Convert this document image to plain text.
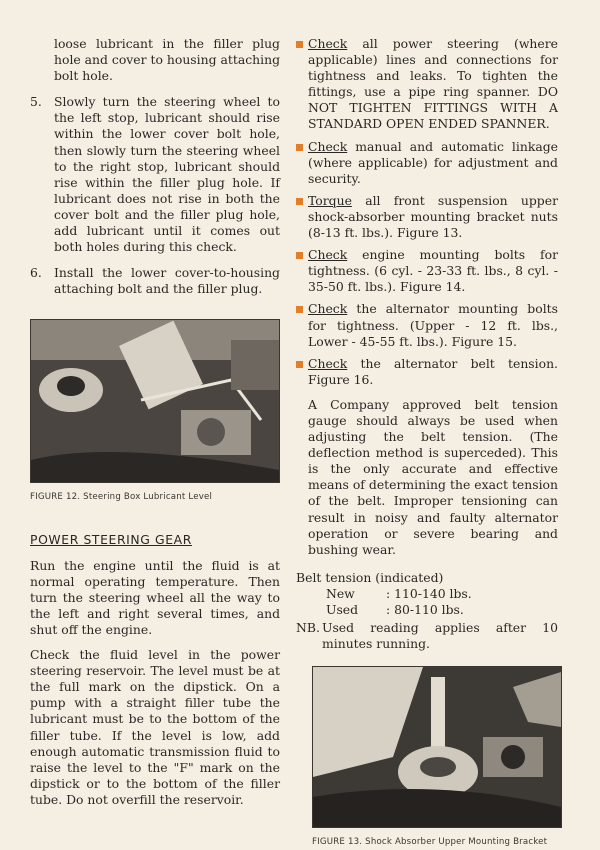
loose lubricant in the filler plug hole and cover to housing attaching bolt hole.

5. Slowly turn the steering wheel to the left stop, lubricant should rise within the lower cover bolt hole, then slowly turn the steering wheel to the right stop, lubricant should rise within the filler plug hole. If lubricant does not rise in both the cover bolt and the filler plug hole, add lubricant until it comes out both holes during this check.
6. Install the lower cover-to-housing attaching bolt and the filler plug.
FIGURE 12. Steering Box Lubricant Level
POWER STEERING GEAR

Run the engine until the fluid is at normal operating temperature. Then turn the steering wheel all the way to the left and right several times, and shut off the engine.

Check the fluid level in the power steering reservoir. The level must be at the full mark on the dipstick. On a pump with a straight filler tube the lubricant must be to the bottom of the filler tube. If the level is low, add enough automatic transmission fluid to raise the level to the "F" mark on the dipstick or to the bottom of the filler tube. Do not overfill the reservoir.

Check all power steering (where applicable) lines and connections for tightness and leaks. To tighten the fittings, use a pipe ring spanner. DO NOT TIGHTEN FITTINGS WITH A STANDARD OPEN ENDED SPANNER.
Check manual and automatic linkage (where applicable) for adjustment and security.
Torque all front suspension upper shock-absorber mounting bracket nuts (8-13 ft. lbs.). Figure 13.
Check engine mounting bolts for tightness. (6 cyl. - 23-33 ft. lbs., 8 cyl. - 35-50 ft. lbs.). Figure 14.
Check the alternator mounting bolts for tightness. (Upper - 12 ft. lbs., Lower - 45-55 ft. lbs.). Figure 15.
Check the alternator belt tension. Figure 16.

A Company approved belt tension gauge should always be used when adjusting the belt tension. (The deflection method is superceded). This is the only accurate and effective means of determining the exact tension of the belt. Improper tensioning can result in noisy and faulty alternator operation or severe bearing and bushing wear.

Belt tension (indicated)
New	: 110-140 lbs.
Used	: 80-110 lbs.
NB. Used reading applies after 10 minutes running.
FIGURE 13. Shock Absorber Upper Mounting Bracket
